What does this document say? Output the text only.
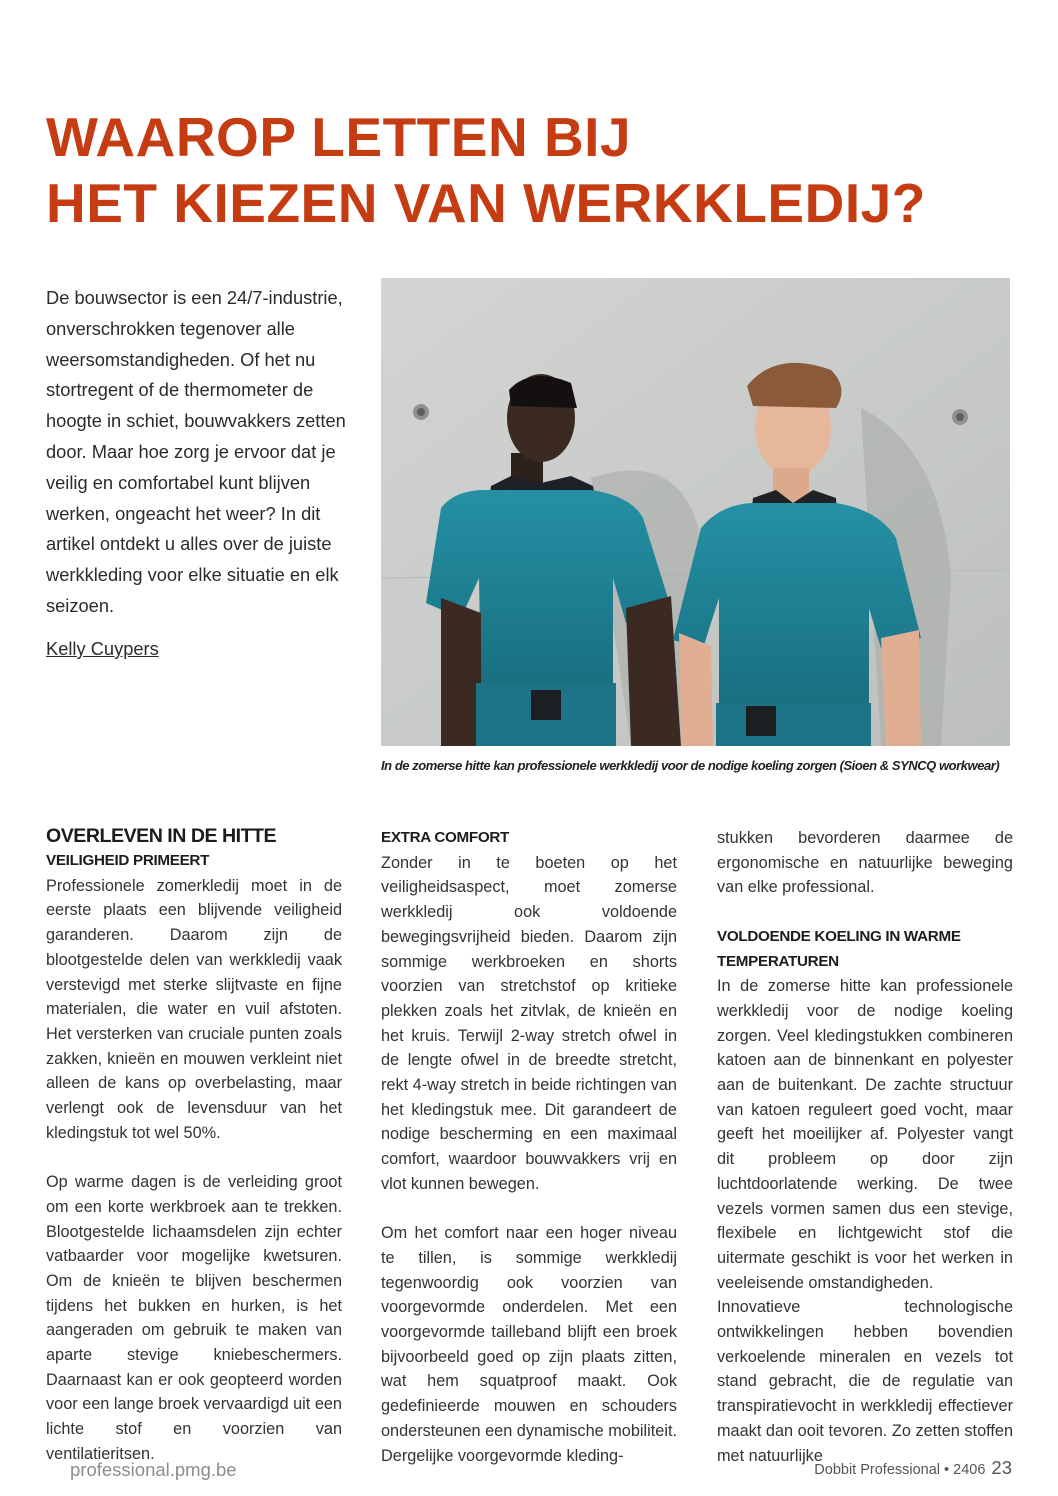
WAAROP LETTEN BIJ
HET KIEZEN VAN WERKKLEDIJ?

De bouwsector is een 24/7-industrie, onverschrokken tegenover alle weersomstandigheden. Of het nu stortregent of de thermometer de hoogte in schiet, bouwvakkers zetten door. Maar hoe zorg je ervoor dat je veilig en comfortabel kunt blijven werken, ongeacht het weer? In dit artikel ontdekt u alles over de juiste werkkleding voor elke situatie en elk seizoen.

Kelly Cuypers
In de zomerse hitte kan professionele werkkledij voor de nodige koeling zorgen (Sioen & SYNCQ workwear)
OVERLEVEN IN DE HITTE
VEILIGHEID PRIMEERT

Professionele zomerkledij moet in de eerste plaats een blijvende veiligheid garanderen. Daarom zijn de blootgestelde delen van werkkledij vaak verstevigd met sterke slijtvaste en fijne materialen, die water en vuil afstoten. Het versterken van cruciale punten zoals zakken, knieën en mouwen verkleint niet alleen de kans op overbelasting, maar verlengt ook de levensduur van het kledingstuk tot wel 50%.

Op warme dagen is de verleiding groot om een korte werkbroek aan te trekken. Blootgestelde lichaamsdelen zijn echter vatbaarder voor mogelijke kwetsuren. Om de knieën te blijven beschermen tijdens het bukken en hurken, is het aangeraden om gebruik te maken van aparte stevige kniebeschermers. Daarnaast kan er ook geopteerd worden voor een lange broek vervaardigd uit een lichte stof en voorzien van ventilatieritsen.

EXTRA COMFORT

Zonder in te boeten op het veiligheidsaspect, moet zomerse werkkledij ook voldoende bewegingsvrijheid bieden. Daarom zijn sommige werkbroeken en shorts voorzien van stretchstof op kritieke plekken zoals het zitvlak, de knieën en het kruis. Terwijl 2-way stretch ofwel in de lengte ofwel in de breedte stretcht, rekt 4-way stretch in beide richtingen van het kledingstuk mee. Dit garandeert de nodige bescherming en een maximaal comfort, waardoor bouwvakkers vrij en vlot kunnen bewegen.

Om het comfort naar een hoger niveau te tillen, is sommige werkkledij tegenwoordig ook voorzien van voorgevormde onderdelen. Met een voorgevormde tailleband blijft een broek bijvoorbeeld goed op zijn plaats zitten, wat hem squatproof maakt. Ook gedefinieerde mouwen en schouders ondersteunen een dynamische mobiliteit. Dergelijke voorgevormde kleding-

stukken bevorderen daarmee de ergonomische en natuurlijke beweging van elke professional.

VOLDOENDE KOELING IN WARME TEMPERATUREN

In de zomerse hitte kan professionele werkkledij voor de nodige koeling zorgen. Veel kledingstukken combineren katoen aan de binnenkant en polyester aan de buitenkant. De zachte structuur van katoen reguleert goed vocht, maar geeft het moeilijker af. Polyester vangt dit probleem op door zijn luchtdoorlatende werking. De twee vezels vormen samen dus een stevige, flexibele en lichtgewicht stof die uitermate geschikt is voor het werken in veeleisende omstandigheden.

Innovatieve technologische ontwikkelingen hebben bovendien verkoelende mineralen en vezels tot stand gebracht, die de regulatie van transpiratievocht in werkkledij effectiever maakt dan ooit tevoren. Zo zetten stoffen met natuurlijke

professional.pmg.be	Dobbit Professional • 2406 23
